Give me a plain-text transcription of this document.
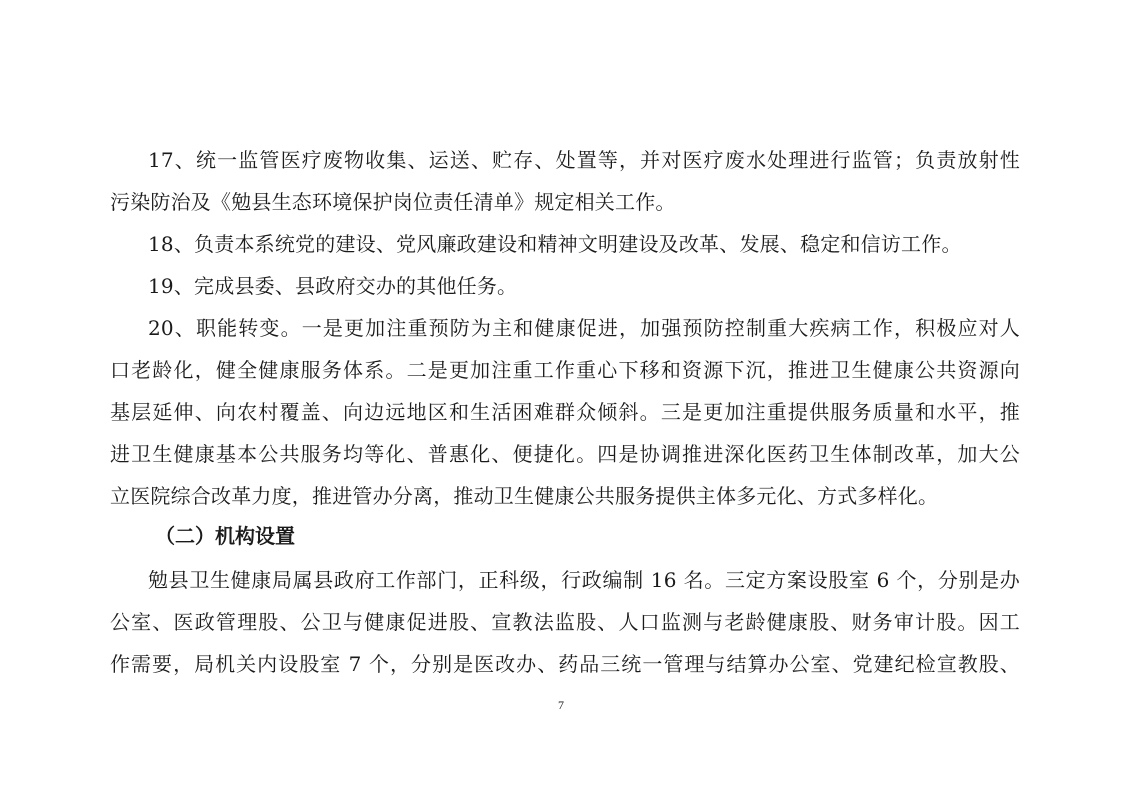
17、统一监管医疗废物收集、运送、贮存、处置等，并对医疗废水处理进行监管；负责放射性
污染防治及《勉县生态环境保护岗位责任清单》规定相关工作。
18、负责本系统党的建设、党风廉政建设和精神文明建设及改革、发展、稳定和信访工作。
19、完成县委、县政府交办的其他任务。
20、职能转变。一是更加注重预防为主和健康促进，加强预防控制重大疾病工作，积极应对人
口老龄化，健全健康服务体系。二是更加注重工作重心下移和资源下沉，推进卫生健康公共资源向
基层延伸、向农村覆盖、向边远地区和生活困难群众倾斜。三是更加注重提供服务质量和水平，推
进卫生健康基本公共服务均等化、普惠化、便捷化。四是协调推进深化医药卫生体制改革，加大公
立医院综合改革力度，推进管办分离，推动卫生健康公共服务提供主体多元化、方式多样化。
（二）机构设置
勉县卫生健康局属县政府工作部门，正科级，行政编制 16 名。三定方案设股室 6 个，分别是办
公室、医政管理股、公卫与健康促进股、宣教法监股、人口监测与老龄健康股、财务审计股。因工
作需要，局机关内设股室 7 个，分别是医改办、药品三统一管理与结算办公室、党建纪检宣教股、
7
